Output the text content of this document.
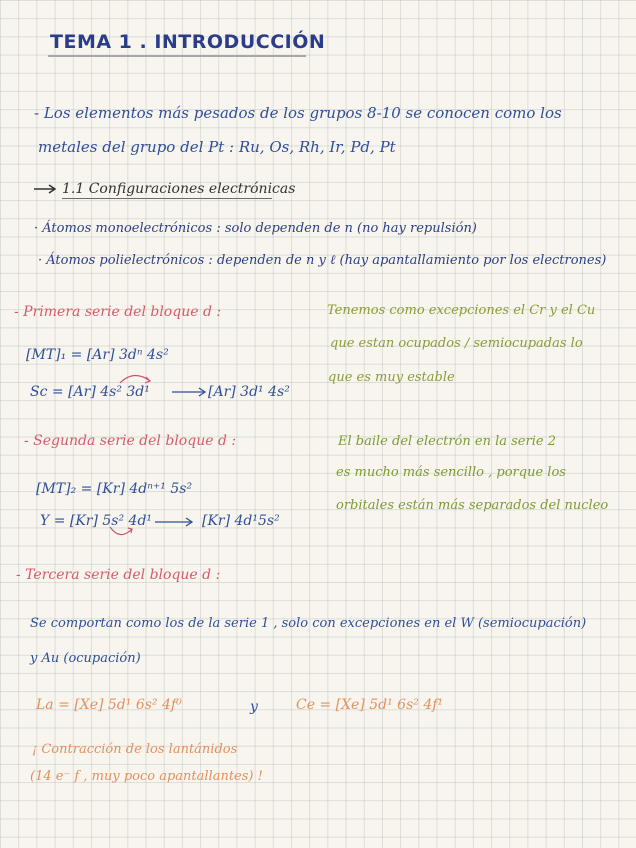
TEMA 1 . INTRODUCCIÓN
- Los elementos más pesados de los grupos 8-10 se conocen como los
metales del grupo del Pt : Ru, Os, Rh, Ir, Pd, Pt
1.1 Configuraciones electrónicas
· Átomos monoelectrónicos : solo dependen de n (no hay repulsión)
· Átomos polielectrónicos : dependen de n y ℓ (hay apantallamiento por los electrones)
- Primera serie del bloque d :
[MT]₁ = [Ar] 3dⁿ 4s²
Sc = [Ar] 4s² 3d¹	[Ar] 3d¹ 4s²
Tenemos como excepciones el Cr y el Cu
que estan ocupados / semiocupadas lo
que es muy estable
- Segunda serie del bloque d :
[MT]₂ = [Kr] 4dⁿ⁺¹ 5s²
Y = [Kr] 5s² 4d¹	[Kr] 4d¹5s²
El baile del electrón en la serie 2
es mucho más sencillo , porque los
orbitales están más separados del nucleo
- Tercera serie del bloque d :
Se comportan como los de la serie 1 , solo con excepciones en el W (semiocupación)
y Au (ocupación)
La = [Xe] 5d¹ 6s² 4f⁰	y	Ce = [Xe] 5d¹ 6s² 4f¹
¡ Contracción de los lantánidos
(14 e⁻ f , muy poco apantallantes) !
